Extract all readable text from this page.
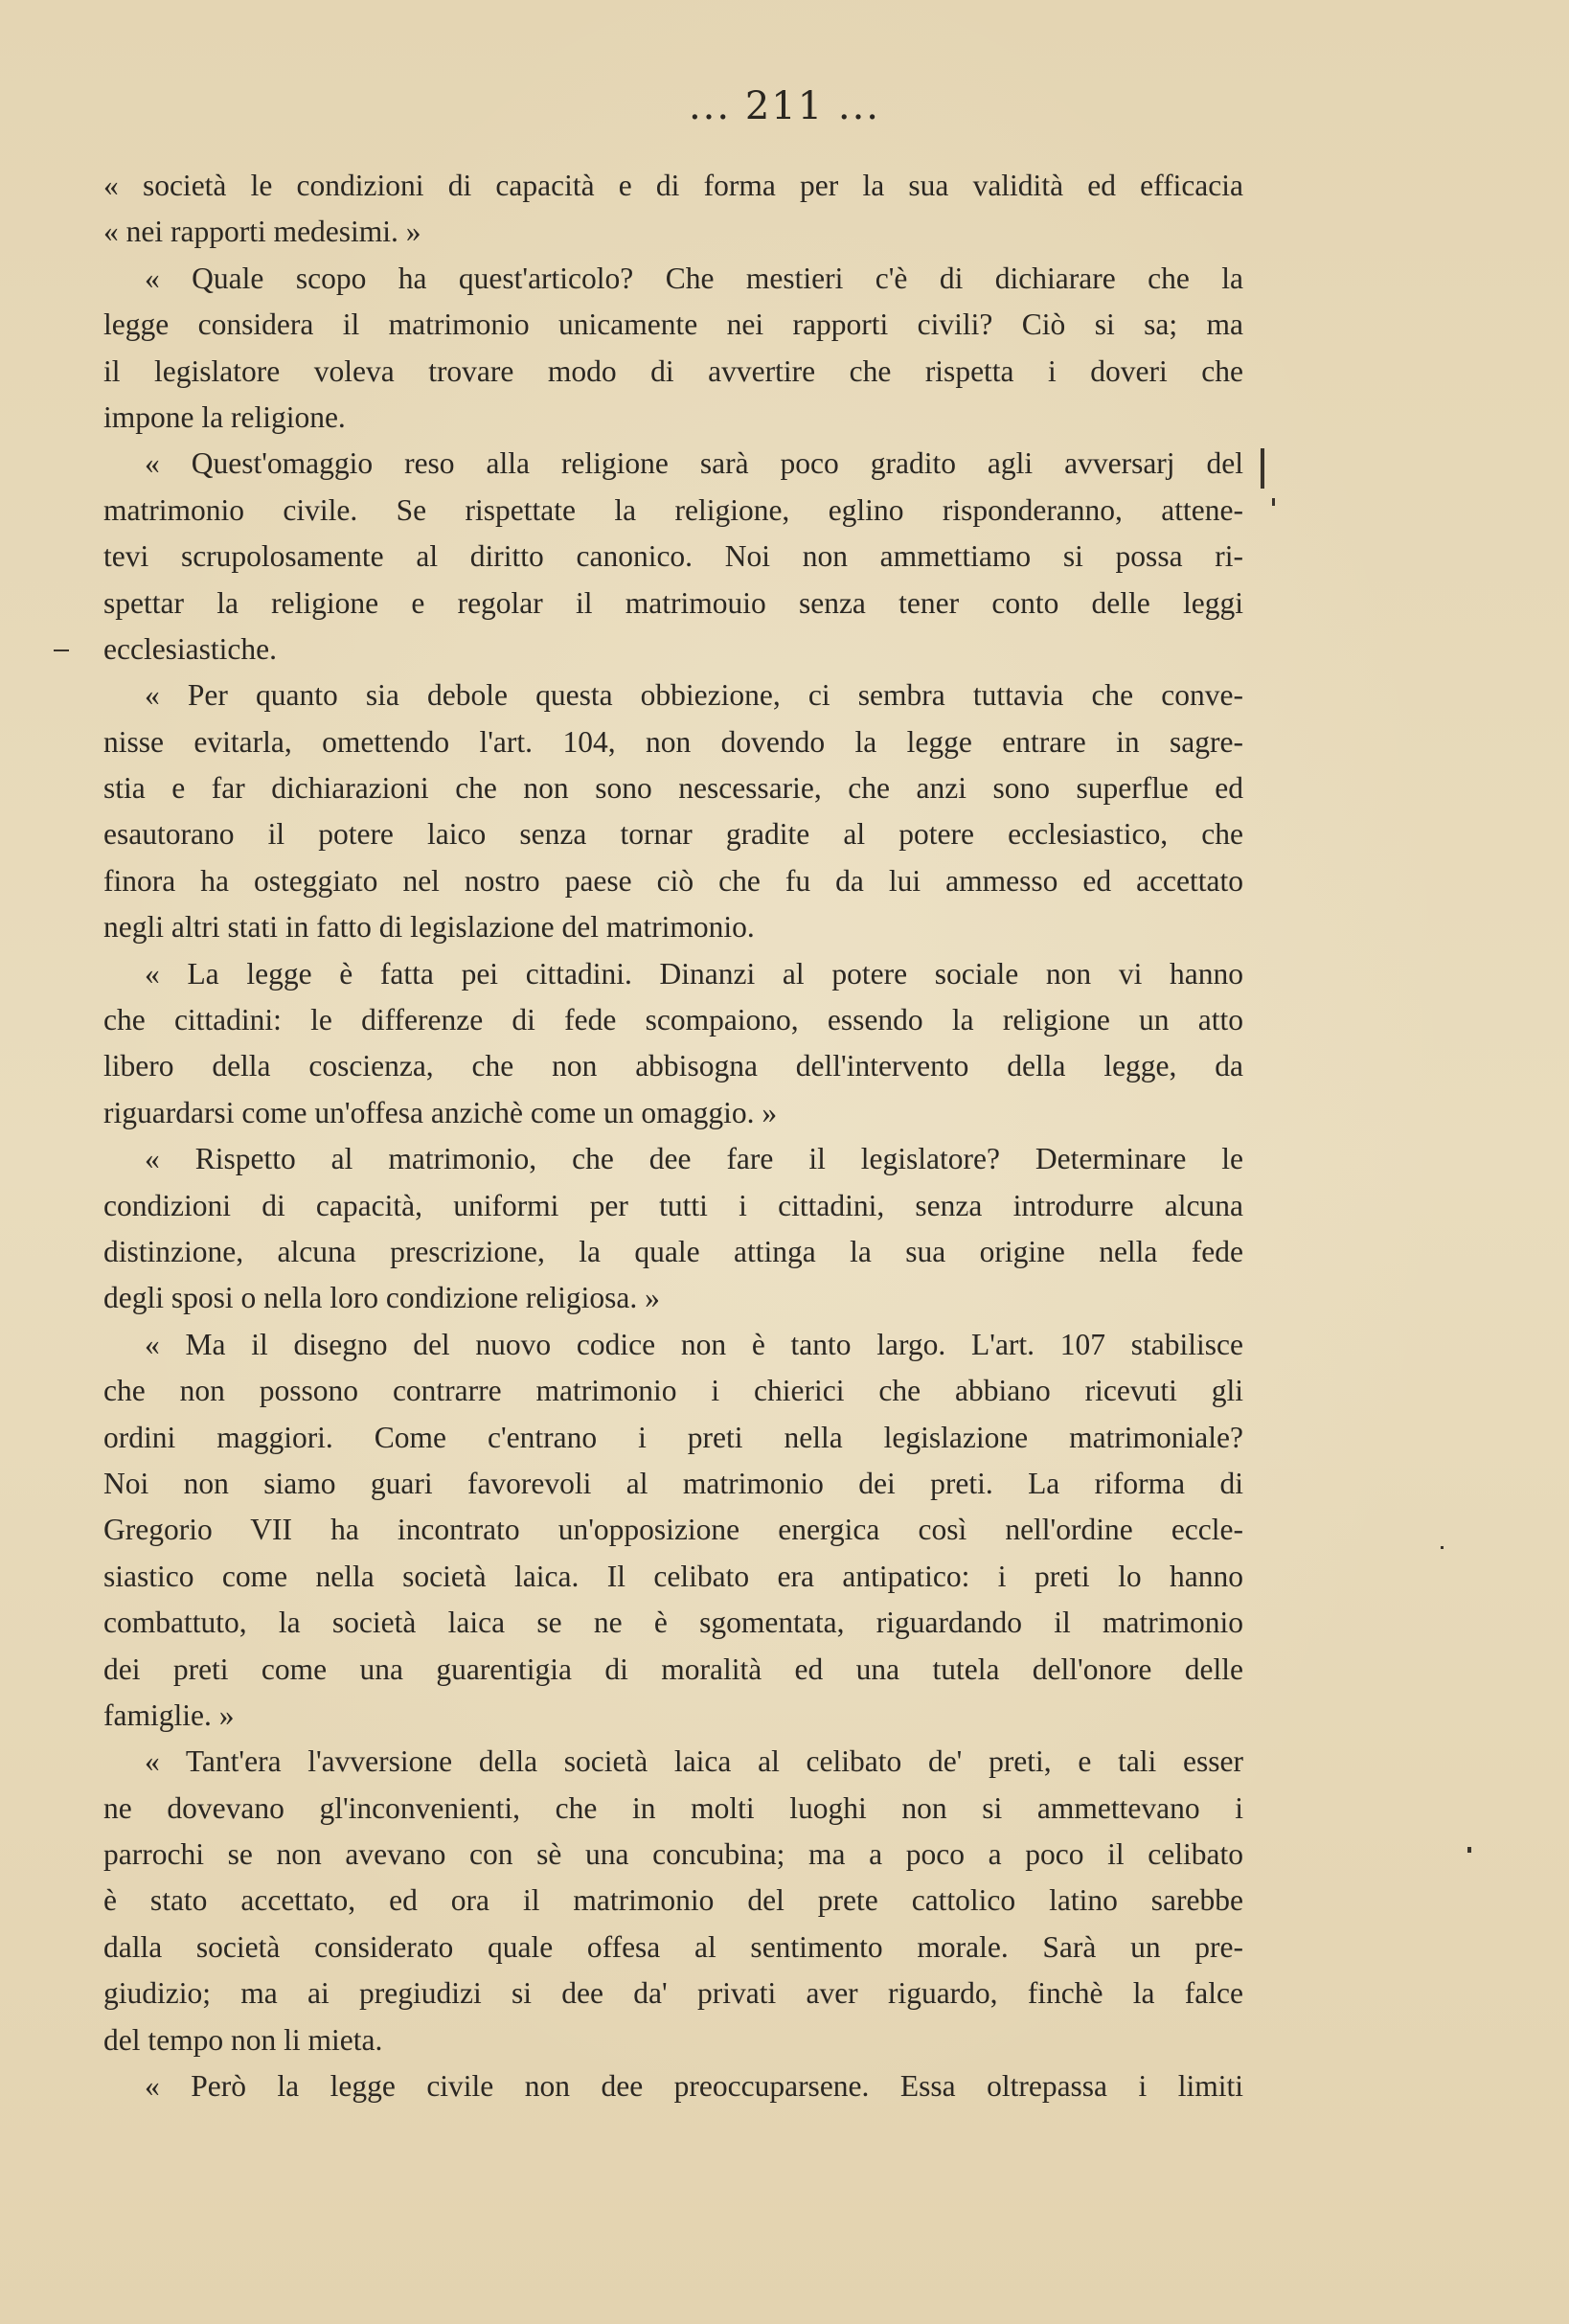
... 211 ...
« società le condizioni di capacità e di forma per la sua validità ed efficacia
« nei rapporti medesimi. »
« Quale scopo ha quest'articolo? Che mestieri c'è di dichiarare che la
legge considera il matrimonio unicamente nei rapporti civili? Ciò si sa; ma
il legislatore voleva trovare modo di avvertire che rispetta i doveri che
impone la religione.
« Quest'omaggio reso alla religione sarà poco gradito agli avversarj del
matrimonio civile. Se rispettate la religione, eglino risponderanno, attene-
tevi scrupolosamente al diritto canonico. Noi non ammettiamo si possa ri-
spettar la religione e regolar il matrimouio senza tener conto delle leggi
ecclesiastiche.
« Per quanto sia debole questa obbiezione, ci sembra tuttavia che conve-
nisse evitarla, omettendo l'art. 104, non dovendo la legge entrare in sagre-
stia e far dichiarazioni che non sono nescessarie, che anzi sono superflue ed
esautorano il potere laico senza tornar gradite al potere ecclesiastico, che
finora ha osteggiato nel nostro paese ciò che fu da lui ammesso ed accettato
negli altri stati in fatto di legislazione del matrimonio.
« La legge è fatta pei cittadini. Dinanzi al potere sociale non vi hanno
che cittadini: le differenze di fede scompaiono, essendo la religione un atto
libero della coscienza, che non abbisogna dell'intervento della legge, da
riguardarsi come un'offesa anzichè come un omaggio. »
« Rispetto al matrimonio, che dee fare il legislatore? Determinare le
condizioni di capacità, uniformi per tutti i cittadini, senza introdurre alcuna
distinzione, alcuna prescrizione, la quale attinga la sua origine nella fede
degli sposi o nella loro condizione religiosa. »
« Ma il disegno del nuovo codice non è tanto largo. L'art. 107 stabilisce
che non possono contrarre matrimonio i chierici che abbiano ricevuti gli
ordini maggiori. Come c'entrano i preti nella legislazione matrimoniale?
Noi non siamo guari favorevoli al matrimonio dei preti. La riforma di
Gregorio VII ha incontrato un'opposizione energica così nell'ordine eccle-
siastico come nella società laica. Il celibato era antipatico: i preti lo hanno
combattuto, la società laica se ne è sgomentata, riguardando il matrimonio
dei preti come una guarentigia di moralità ed una tutela dell'onore delle
famiglie. »
« Tant'era l'avversione della società laica al celibato de' preti, e tali esser
ne dovevano gl'inconvenienti, che in molti luoghi non si ammettevano i
parrochi se non avevano con sè una concubina; ma a poco a poco il celibato
è stato accettato, ed ora il matrimonio del prete cattolico latino sarebbe
dalla società considerato quale offesa al sentimento morale. Sarà un pre-
giudizio; ma ai pregiudizi si dee da' privati aver riguardo, finchè la falce
del tempo non li mieta.
« Però la legge civile non dee preoccuparsene. Essa oltrepassa i limiti
